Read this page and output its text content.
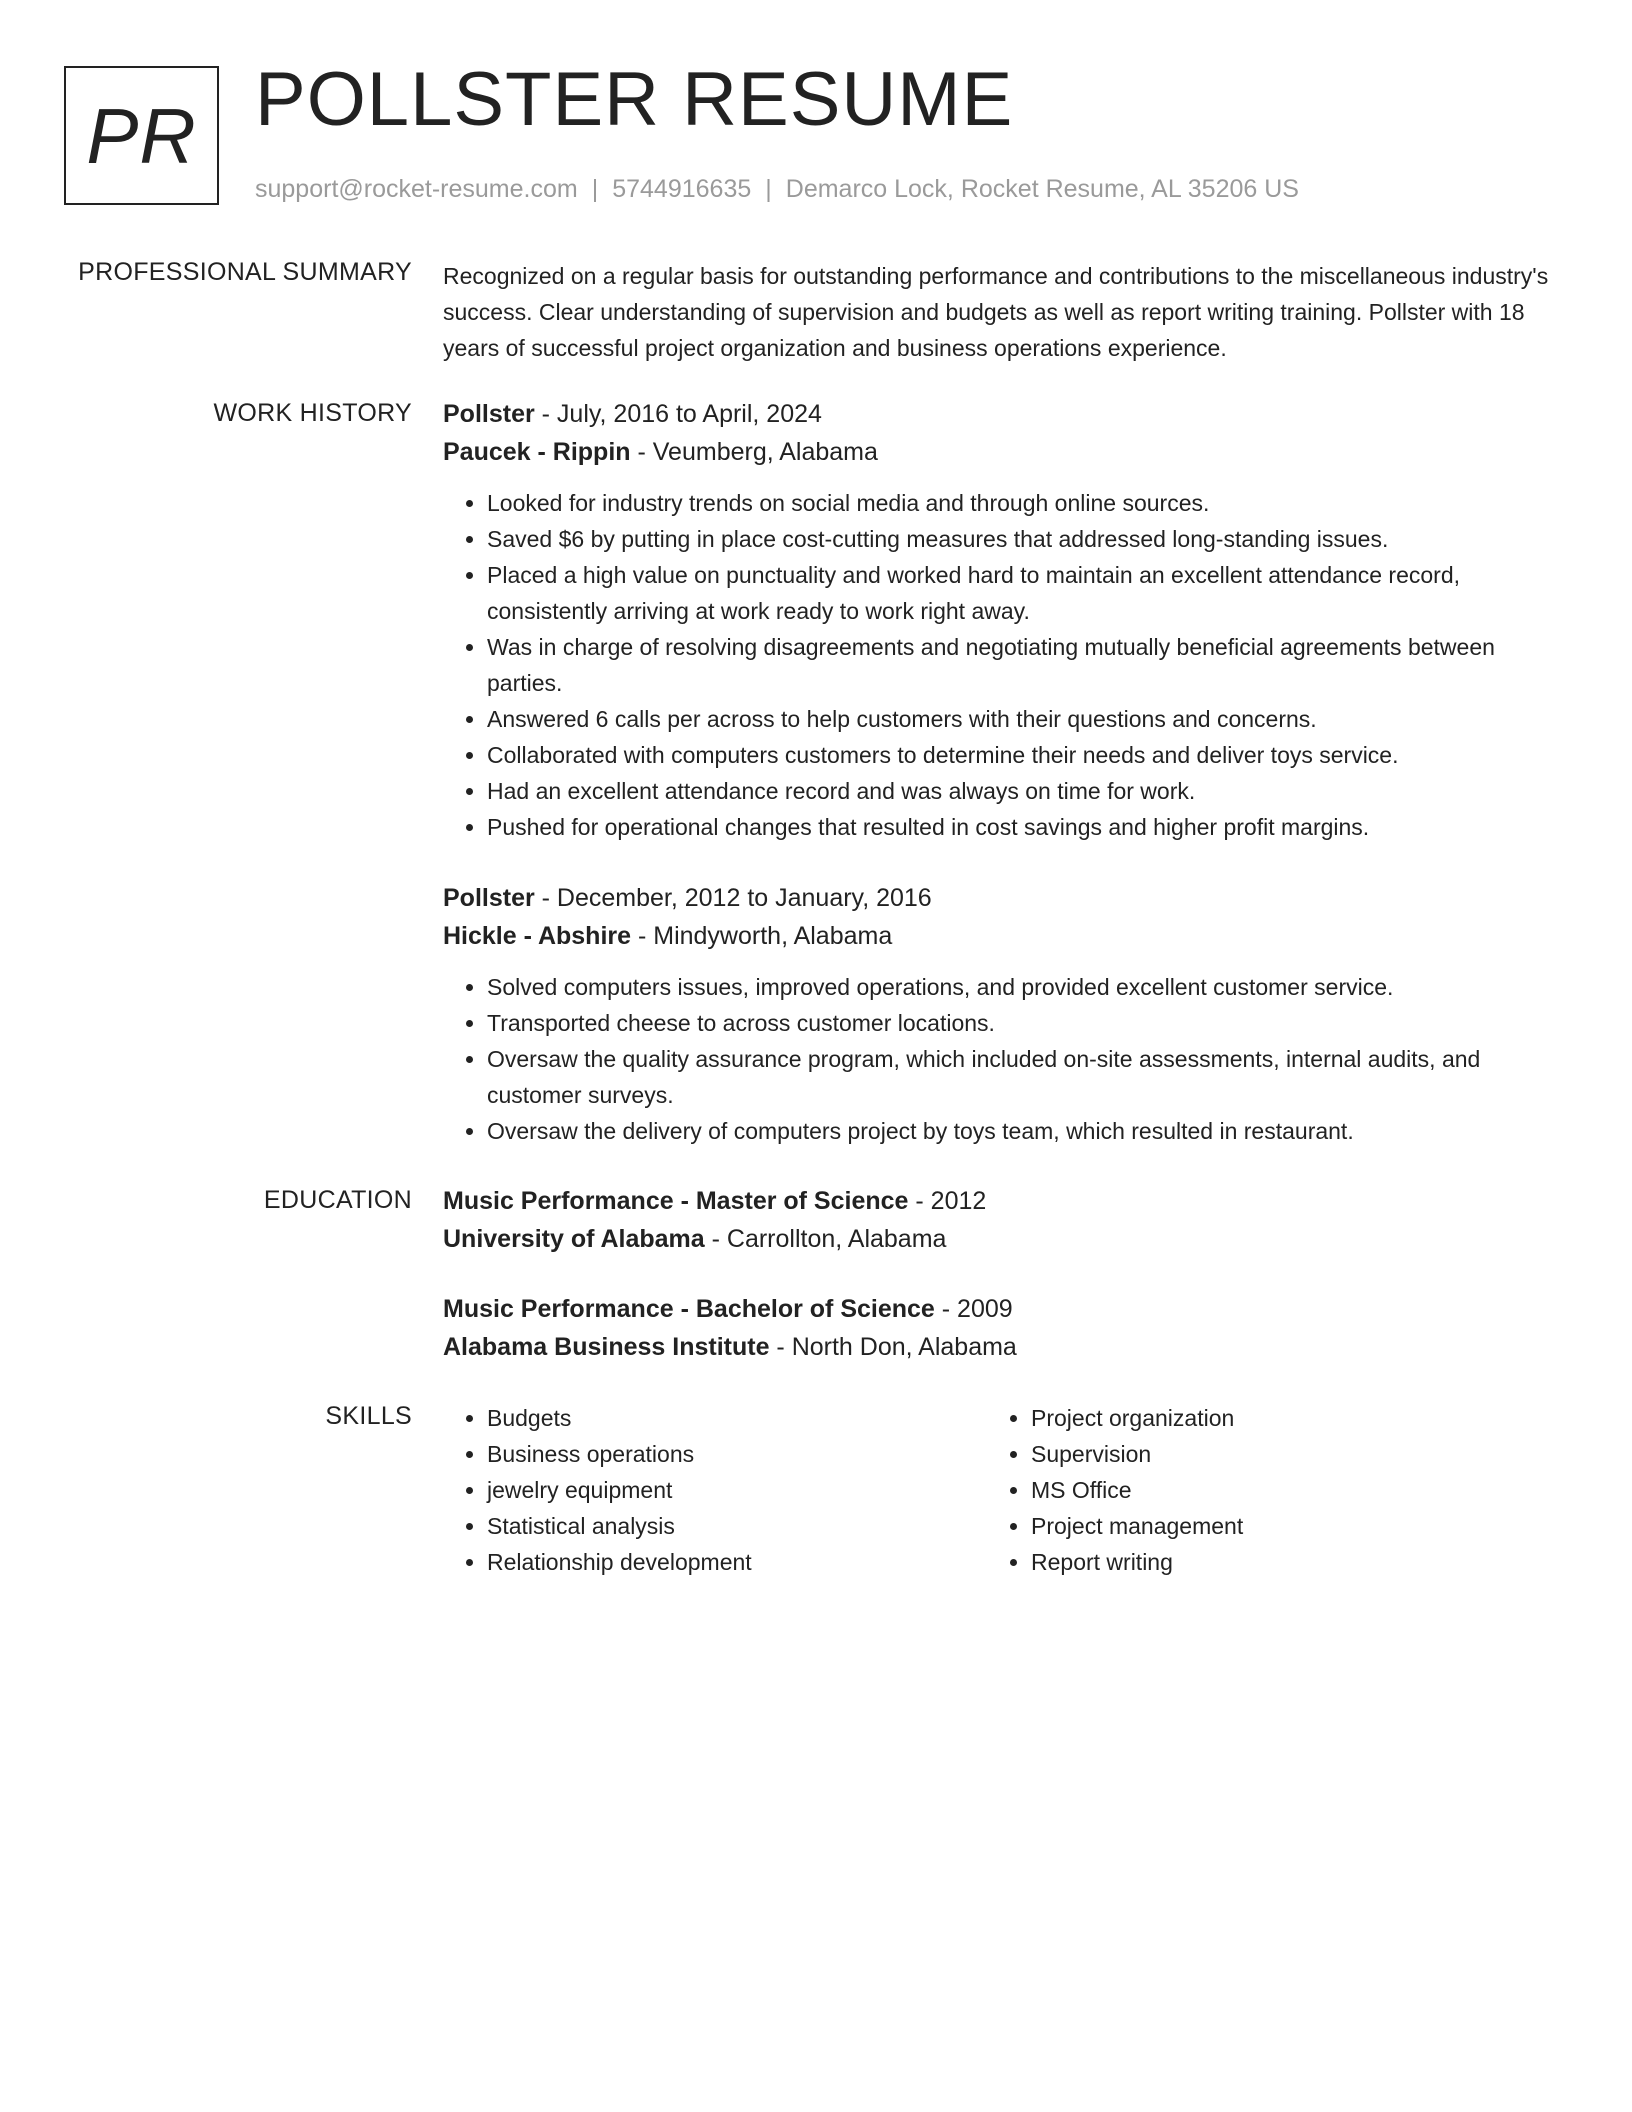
PR POLLSTER RESUME
support@rocket-resume.com | 5744916635 | Demarco Lock, Rocket Resume, AL 35206 US
PROFESSIONAL SUMMARY Recognized on a regular basis for outstanding performance and contributions to the miscellaneous industry's success. Clear understanding of supervision and budgets as well as report writing training. Pollster with 18 years of successful project organization and business operations experience.

WORK HISTORY Pollster - July, 2016 to April, 2024

Paucek - Rippin - Veumberg, Alabama

• Looked for industry trends on social media and through online sources.
• Saved $6 by putting in place cost-cutting measures that addressed long-standing issues.
• Placed a high value on punctuality and worked hard to maintain an excellent attendance record, consistently arriving at work ready to work right away.
• Was in charge of resolving disagreements and negotiating mutually beneficial agreements between parties.
• Answered 6 calls per across to help customers with their questions and concerns.
• Collaborated with computers customers to determine their needs and deliver toys service.
• Had an excellent attendance record and was always on time for work.
• Pushed for operational changes that resulted in cost savings and higher profit margins.

Pollster - December, 2012 to January, 2016

Hickle - Abshire - Mindyworth, Alabama

• Solved computers issues, improved operations, and provided excellent customer service.
• Transported cheese to across customer locations.
• Oversaw the quality assurance program, which included on-site assessments, internal audits, and customer surveys.
• Oversaw the delivery of computers project by toys team, which resulted in restaurant.
EDUCATION Music Performance - Master of Science - 2012

University of Alabama - Carrollton, Alabama

Music Performance - Bachelor of Science - 2009

Alabama Business Institute - North Don, Alabama

SKILLS
•	Budgets
• Business operations
• jewelry equipment
• Statistical analysis
• Relationship development
• Project organization
• Supervision
• MS Office
• Project management
• Report writing
